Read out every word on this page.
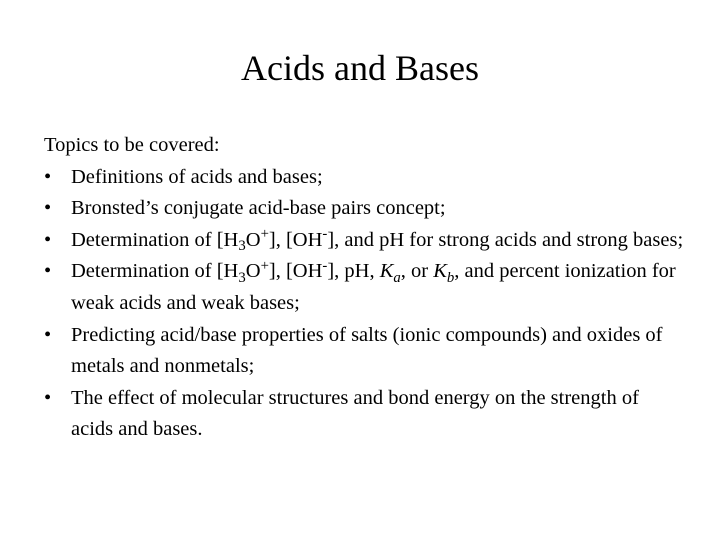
Acids and Bases

Topics to be covered:

• Definitions of acids and bases;
• Bronsted’s conjugate acid-base pairs concept;
• Determination of $[H_3O^+]$, [OH-], and pH for strong acids and strong bases;
• Determination of $[H_3O^+]$, [OH-], pH, $K_a$, or $K_b$, and percent ionization for weak acids and weak bases;
• Predicting acid/base properties of salts (ionic compounds) and oxides of metals and nonmetals;
• The effect of molecular structures and bond energy on the strength of acids and bases.
